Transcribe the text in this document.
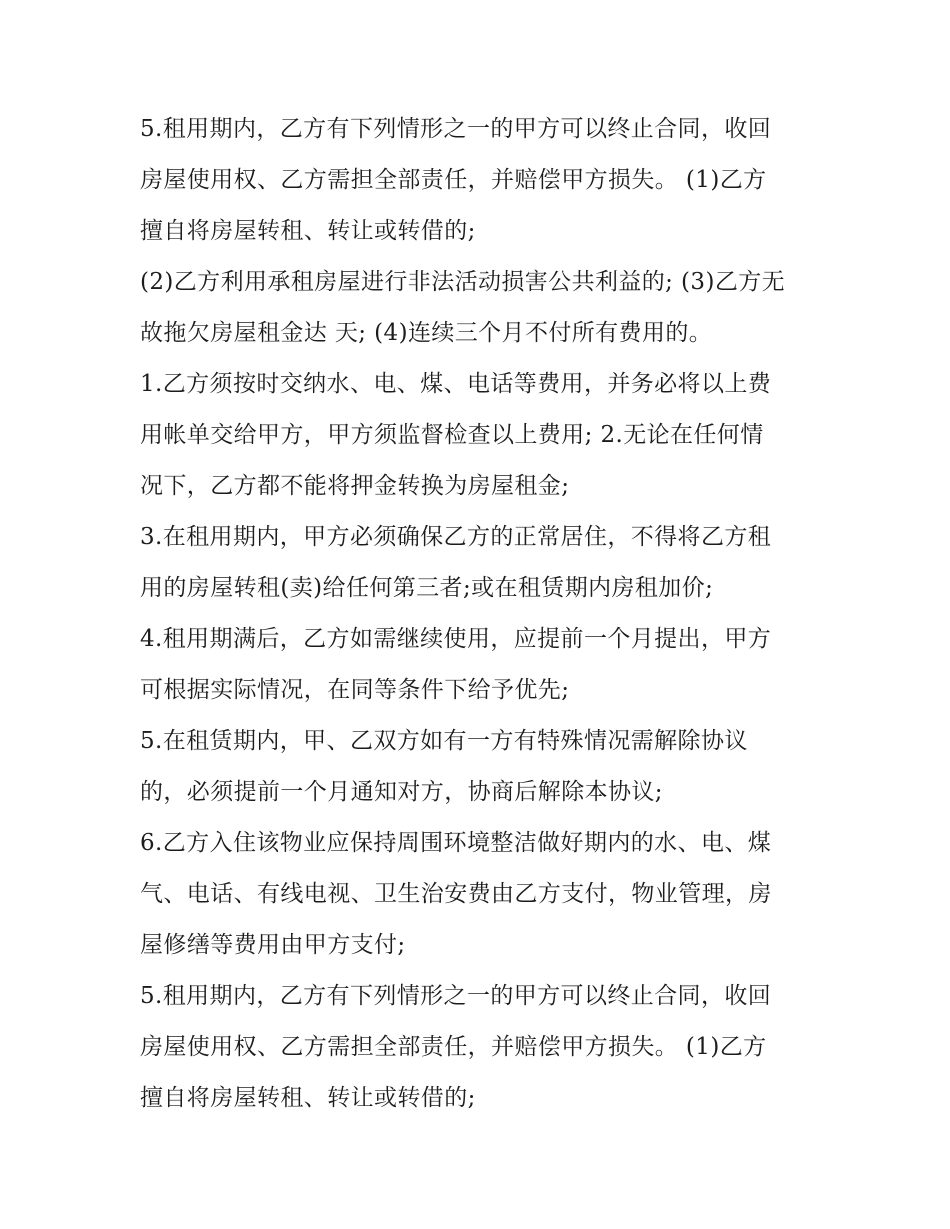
5.租用期内，乙方有下列情形之一的甲方可以终止合同，收回
房屋使用权、乙方需担全部责任，并赔偿甲方损失。 (1)乙方
擅自将房屋转租、转让或转借的;

(2)乙方利用承租房屋进行非法活动损害公共利益的; (3)乙方无
故拖欠房屋租金达 天; (4)连续三个月不付所有费用的。

1.乙方须按时交纳水、电、煤、电话等费用，并务必将以上费
用帐单交给甲方，甲方须监督检查以上费用; 2.无论在任何情
况下，乙方都不能将押金转换为房屋租金;

3.在租用期内，甲方必须确保乙方的正常居住，不得将乙方租
用的房屋转租(卖)给任何第三者;或在租赁期内房租加价;

4.租用期满后，乙方如需继续使用，应提前一个月提出，甲方
可根据实际情况，在同等条件下给予优先;

5.在租赁期内，甲、乙双方如有一方有特殊情况需解除协议
的，必须提前一个月通知对方，协商后解除本协议;

6.乙方入住该物业应保持周围环境整洁做好期内的水、电、煤
气、电话、有线电视、卫生治安费由乙方支付，物业管理，房
屋修缮等费用由甲方支付;

5.租用期内，乙方有下列情形之一的甲方可以终止合同，收回
房屋使用权、乙方需担全部责任，并赔偿甲方损失。 (1)乙方
擅自将房屋转租、转让或转借的;
